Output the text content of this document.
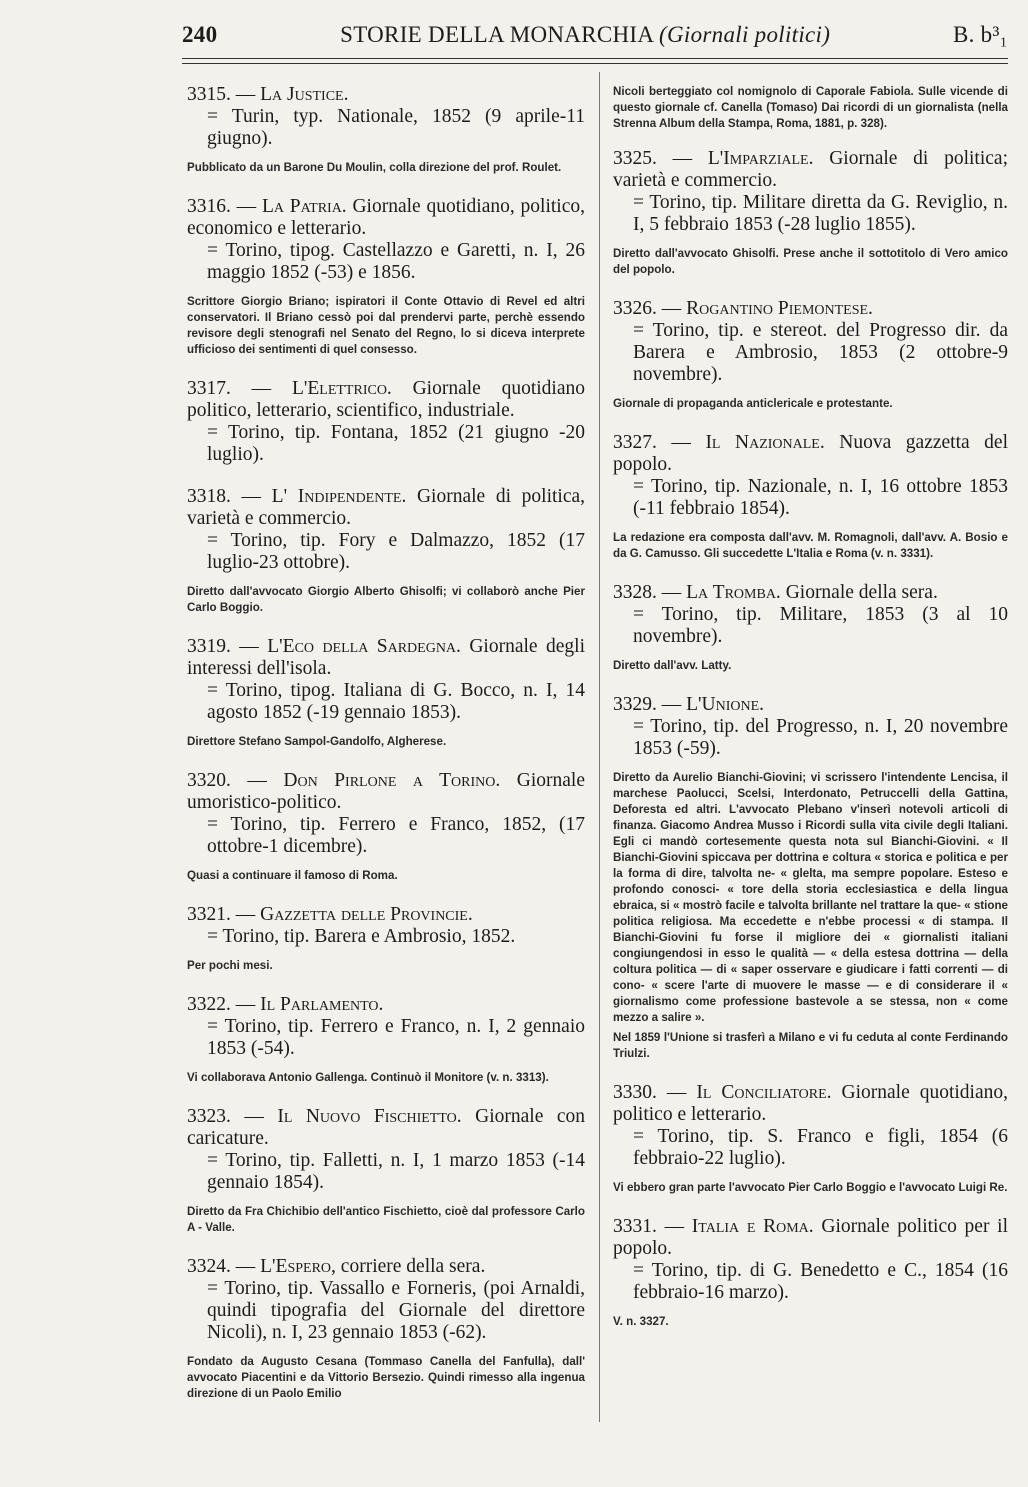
240	STORIE DELLA MONARCHIA (Giornali politici)	B. b³₁

3315. — La Justice.

= Turin, typ. Nationale, 1852 (9 aprile-11 giugno).

Pubblicato da un Barone Du Moulin, colla direzione del prof. Roulet.

3316. — La Patria. Giornale quotidiano, politico, economico e letterario.

= Torino, tipog. Castellazzo e Garetti, n. I, 26 maggio 1852 (-53) e 1856.

Scrittore Giorgio Briano; ispiratori il Conte Ottavio di Revel ed altri conservatori. Il Briano cessò poi dal prendervi parte, perchè essendo revisore degli stenografi nel Senato del Regno, lo si diceva interprete ufficioso dei sentimenti di quel consesso.

3317. — L'Elettrico. Giornale quotidiano politico, letterario, scientifico, industriale.

= Torino, tip. Fontana, 1852 (21 giugno -20 luglio).

3318. — L' Indipendente. Giornale di politica, varietà e commercio.

= Torino, tip. Fory e Dalmazzo, 1852 (17 luglio-23 ottobre).

Diretto dall'avvocato Giorgio Alberto Ghisolfi; vi collaborò anche Pier Carlo Boggio.

3319. — L'Eco della Sardegna. Giornale degli interessi dell'isola.

= Torino, tipog. Italiana di G. Bocco, n. I, 14 agosto 1852 (-19 gennaio 1853).

Direttore Stefano Sampol-Gandolfo, Algherese.

3320. — Don Pirlone a Torino. Giornale umoristico-politico.

= Torino, tip. Ferrero e Franco, 1852, (17 ottobre-1 dicembre).

Quasi a continuare il famoso di Roma.

3321. — Gazzetta delle Provincie.

= Torino, tip. Barera e Ambrosio, 1852.

Per pochi mesi.

3322. — Il Parlamento.

= Torino, tip. Ferrero e Franco, n. I, 2 gennaio 1853 (-54).

Vi collaborava Antonio Gallenga. Continuò il Monitore (v. n. 3313).

3323. — Il Nuovo Fischietto. Giornale con caricature.

= Torino, tip. Falletti, n. I, 1 marzo 1853 (-14 gennaio 1854).

Diretto da Fra Chichibio dell'antico Fischietto, cioè dal professore Carlo A - Valle.

3324. — L'Espero, corriere della sera.

= Torino, tip. Vassallo e Forneris, (poi Arnaldi, quindi tipografia del Giornale del direttore Nicoli), n. I, 23 gennaio 1853 (-62).

Fondato da Augusto Cesana (Tommaso Canella del Fanfulla), dall' avvocato Piacentini e da Vittorio Bersezio. Quindi rimesso alla ingenua direzione di un Paolo Emilio

Nicoli berteggiato col nomignolo di Caporale Fabiola. Sulle vicende di questo giornale cf. Canella (Tomaso) Dai ricordi di un giornalista (nella Strenna Album della Stampa, Roma, 1881, p. 328).

3325. — L'Imparziale. Giornale di politica; varietà e commercio.

= Torino, tip. Militare diretta da G. Reviglio, n. I, 5 febbraio 1853 (-28 luglio 1855).

Diretto dall'avvocato Ghisolfi. Prese anche il sottotitolo di Vero amico del popolo.

3326. — Rogantino Piemontese.

= Torino, tip. e stereot. del Progresso dir. da Barera e Ambrosio, 1853 (2 ottobre-9 novembre).

Giornale di propaganda anticlericale e protestante.

3327. — Il Nazionale. Nuova gazzetta del popolo.

= Torino, tip. Nazionale, n. I, 16 ottobre 1853 (-11 febbraio 1854).

La redazione era composta dall'avv. M. Romagnoli, dall'avv. A. Bosio e da G. Camusso. Gli succedette L'Italia e Roma (v. n. 3331).

3328. — La Tromba. Giornale della sera.

= Torino, tip. Militare, 1853 (3 al 10 novembre).

Diretto dall'avv. Latty.

3329. — L'Unione.

= Torino, tip. del Progresso, n. I, 20 novembre 1853 (-59).

Diretto da Aurelio Bianchi-Giovini; vi scrissero l'intendente Lencisa, il marchese Paolucci, Scelsi, Interdonato, Petruccelli della Gattina, Deforesta ed altri. L'avvocato Plebano v'inserì notevoli articoli di finanza. Giacomo Andrea Musso i Ricordi sulla vita civile degli Italiani. Egli ci mandò cortesemente questa nota sul Bianchi-Giovini. « Il Bianchi-Giovini spiccava per dottrina e coltura « storica e politica e per la forma di dire, talvolta ne- « glelta, ma sempre popolare. Esteso e profondo conosci- « tore della storia ecclesiastica e della lingua ebraica, si « mostrò facile e talvolta brillante nel trattare la que- « stione politica religiosa. Ma eccedette e n'ebbe processi « di stampa. Il Bianchi-Giovini fu forse il migliore dei « giornalisti italiani congiungendosi in esso le qualità — « della estesa dottrina — della coltura politica — di « saper osservare e giudicare i fatti correnti — di cono- « scere l'arte di muovere le masse — e di considerare il « giornalismo come professione bastevole a se stessa, non « come mezzo a salire ».

Nel 1859 l'Unione si trasferì a Milano e vi fu ceduta al conte Ferdinando Triulzi.

3330. — Il Conciliatore. Giornale quotidiano, politico e letterario.

= Torino, tip. S. Franco e figli, 1854 (6 febbraio-22 luglio).

Vi ebbero gran parte l'avvocato Pier Carlo Boggio e l'avvocato Luigi Re.

3331. — Italia e Roma. Giornale politico per il popolo.

= Torino, tip. di G. Benedetto e C., 1854 (16 febbraio-16 marzo).

V. n. 3327.
